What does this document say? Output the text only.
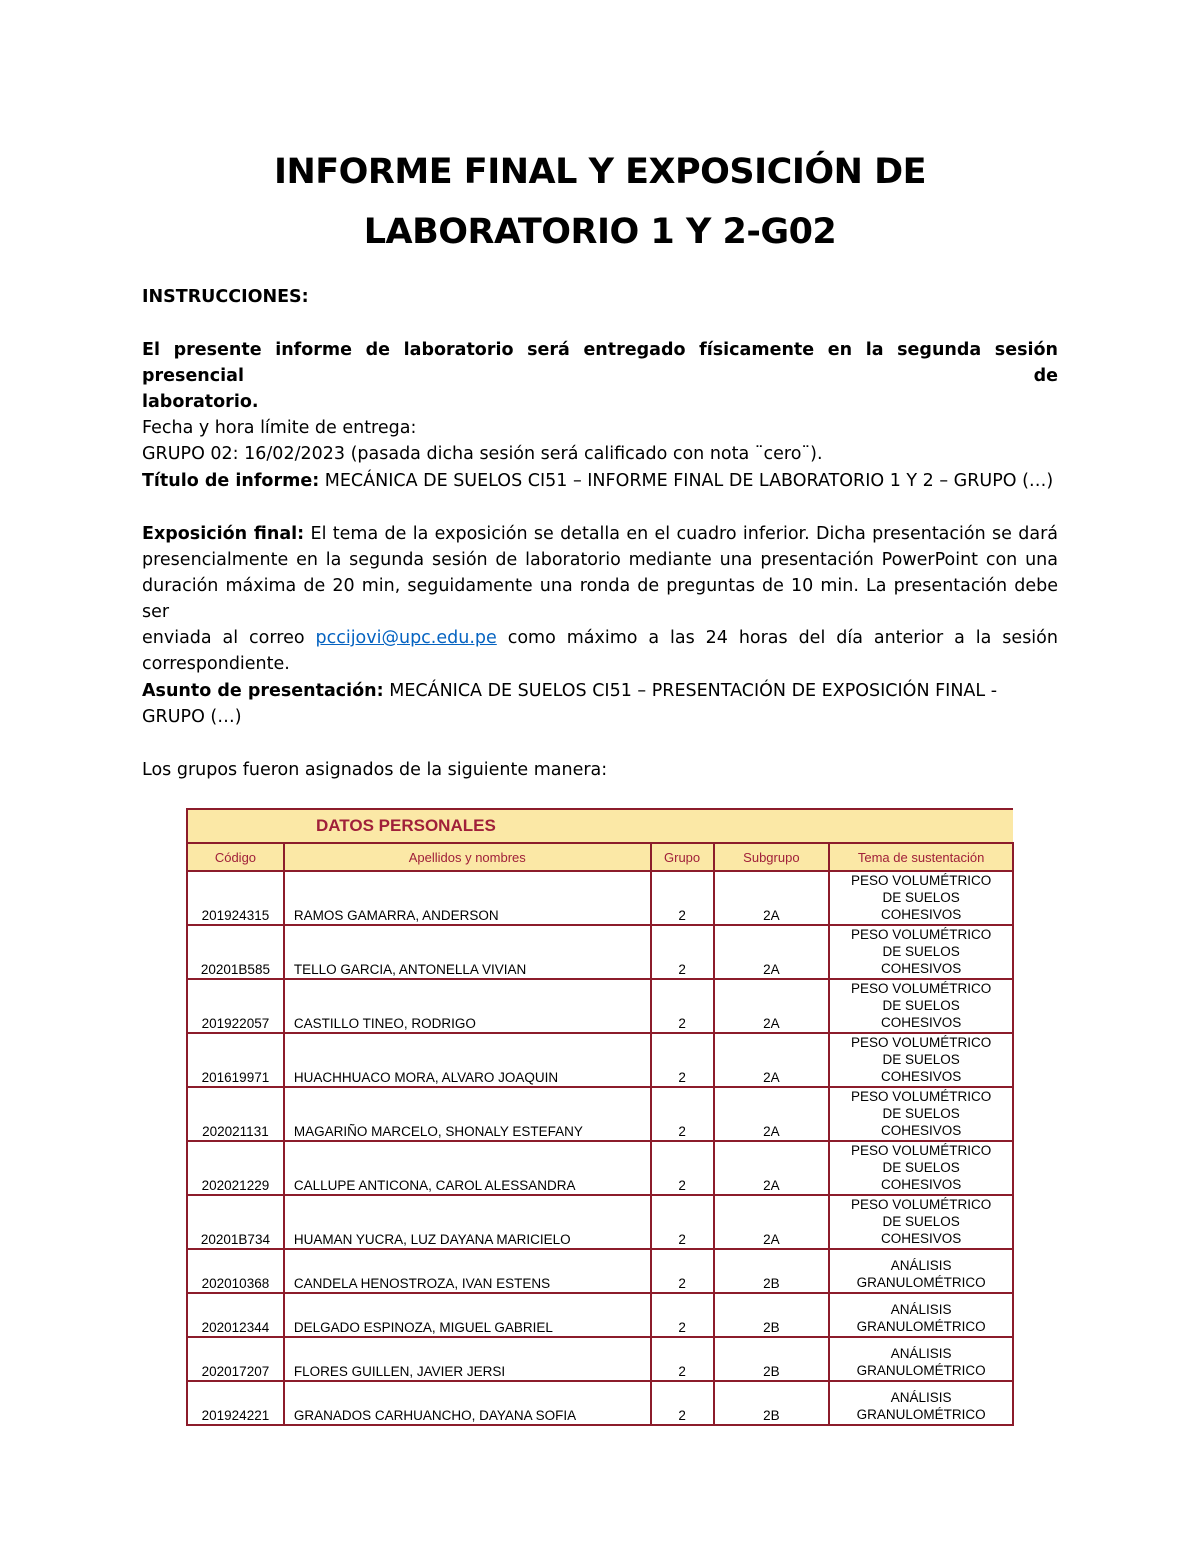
INFORME FINAL Y EXPOSICIÓN DE
LABORATORIO 1 Y 2-G02
INSTRUCCIONES:
El presente informe de laboratorio será entregado físicamente en la segunda sesión presencial de
laboratorio.
Fecha y hora límite de entrega:
GRUPO 02: 16/02/2023 (pasada dicha sesión será calificado con nota ¨cero¨).
Título de informe: MECÁNICA DE SUELOS CI51 – INFORME FINAL DE LABORATORIO 1 Y 2 – GRUPO (…)
Exposición final: El tema de la exposición se detalla en el cuadro inferior. Dicha presentación se dará
presencialmente en la segunda sesión de laboratorio mediante una presentación PowerPoint con una
duración máxima de 20 min, seguidamente una ronda de preguntas de 10 min. La presentación debe ser
enviada al correo pccijovi@upc.edu.pe como máximo a las 24 horas del día anterior a la sesión
correspondiente.
Asunto de presentación: MECÁNICA DE SUELOS CI51 – PRESENTACIÓN DE EXPOSICIÓN FINAL -
GRUPO (…)
Los grupos fueron asignados de la siguiente manera:
DATOS PERSONALES				
Código	Apellidos y nombres	Grupo	Subgrupo	Tema de sustentación
201924315	RAMOS GAMARRA, ANDERSON	2	2A	PESO VOLUMÉTRICO
DE SUELOS
COHESIVOS

20201B585	TELLO GARCIA, ANTONELLA VIVIAN	2	2A	PESO VOLUMÉTRICO
DE SUELOS
COHESIVOS

201922057	CASTILLO TINEO, RODRIGO	2	2A	PESO VOLUMÉTRICO
DE SUELOS
COHESIVOS

201619971	HUACHHUACO MORA, ALVARO JOAQUIN	2	2A	PESO VOLUMÉTRICO
DE SUELOS
COHESIVOS

202021131	MAGARIÑO MARCELO, SHONALY ESTEFANY	2	2A	PESO VOLUMÉTRICO
DE SUELOS
COHESIVOS

202021229	CALLUPE ANTICONA, CAROL ALESSANDRA	2	2A	PESO VOLUMÉTRICO
DE SUELOS
COHESIVOS

20201B734	HUAMAN YUCRA, LUZ DAYANA MARICIELO	2	2A	PESO VOLUMÉTRICO
DE SUELOS
COHESIVOS

202010368	CANDELA HENOSTROZA, IVAN ESTENS	2	2B	ANÁLISIS
GRANULOMÉTRICO

202012344	DELGADO ESPINOZA, MIGUEL GABRIEL	2	2B	ANÁLISIS
GRANULOMÉTRICO

202017207	FLORES GUILLEN, JAVIER JERSI	2	2B	ANÁLISIS
GRANULOMÉTRICO

201924221	GRANADOS CARHUANCHO, DAYANA SOFIA	2	2B	ANÁLISIS
GRANULOMÉTRICO
